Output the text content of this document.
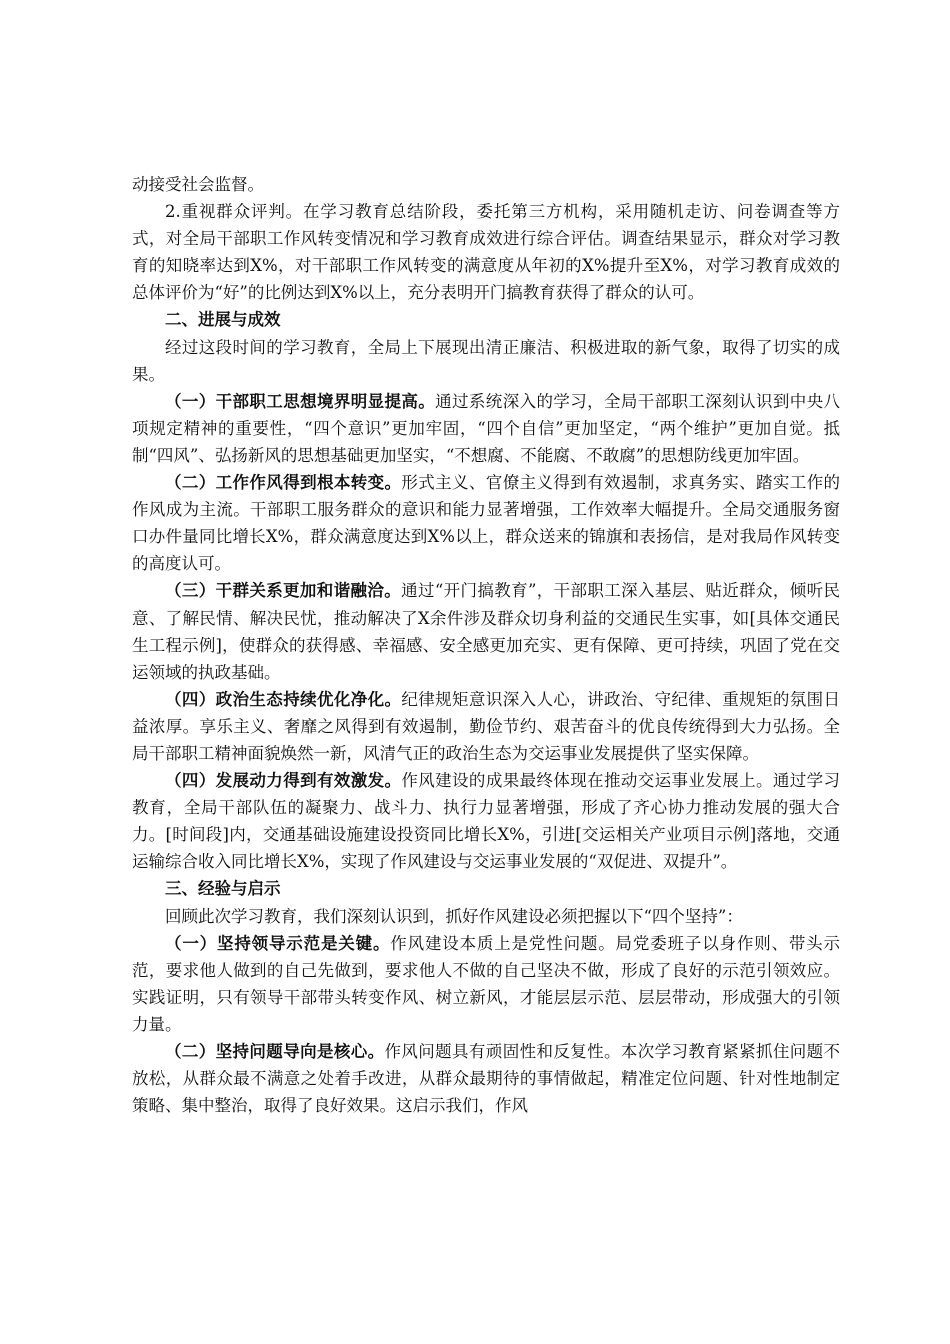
动接受社会监督。

2.重视群众评判。在学习教育总结阶段，委托第三方机构，采用随机走访、问卷调查等方式，对全局干部职工作风转变情况和学习教育成效进行综合评估。调查结果显示，群众对学习教育的知晓率达到X%，对干部职工作风转变的满意度从年初的X%提升至X%，对学习教育成效的总体评价为“好”的比例达到X%以上，充分表明开门搞教育获得了群众的认可。

二、进展与成效

经过这段时间的学习教育，全局上下展现出清正廉洁、积极进取的新气象，取得了切实的成果。

（一）干部职工思想境界明显提高。通过系统深入的学习，全局干部职工深刻认识到中央八项规定精神的重要性，“四个意识”更加牢固，“四个自信”更加坚定，“两个维护”更加自觉。抵制“四风”、弘扬新风的思想基础更加坚实，“不想腐、不能腐、不敢腐”的思想防线更加牢固。

（二）工作作风得到根本转变。形式主义、官僚主义得到有效遏制，求真务实、踏实工作的作风成为主流。干部职工服务群众的意识和能力显著增强，工作效率大幅提升。全局交通服务窗口办件量同比增长X%，群众满意度达到X%以上，群众送来的锦旗和表扬信，是对我局作风转变的高度认可。

（三）干群关系更加和谐融洽。通过“开门搞教育”，干部职工深入基层、贴近群众，倾听民意、了解民情、解决民忧，推动解决了X余件涉及群众切身利益的交通民生实事，如[具体交通民生工程示例]，使群众的获得感、幸福感、安全感更加充实、更有保障、更可持续，巩固了党在交运领域的执政基础。

（四）政治生态持续优化净化。纪律规矩意识深入人心，讲政治、守纪律、重规矩的氛围日益浓厚。享乐主义、奢靡之风得到有效遏制，勤俭节约、艰苦奋斗的优良传统得到大力弘扬。全局干部职工精神面貌焕然一新，风清气正的政治生态为交运事业发展提供了坚实保障。

（四）发展动力得到有效激发。作风建设的成果最终体现在推动交运事业发展上。通过学习教育，全局干部队伍的凝聚力、战斗力、执行力显著增强，形成了齐心协力推动发展的强大合力。[时间段]内，交通基础设施建设投资同比增长X%，引进[交运相关产业项目示例]落地，交通运输综合收入同比增长X%，实现了作风建设与交运事业发展的“双促进、双提升”。

三、经验与启示

回顾此次学习教育，我们深刻认识到，抓好作风建设必须把握以下“四个坚持”：

（一）坚持领导示范是关键。作风建设本质上是党性问题。局党委班子以身作则、带头示范，要求他人做到的自己先做到，要求他人不做的自己坚决不做，形成了良好的示范引领效应。实践证明，只有领导干部带头转变作风、树立新风，才能层层示范、层层带动，形成强大的引领力量。

（二）坚持问题导向是核心。作风问题具有顽固性和反复性。本次学习教育紧紧抓住问题不放松，从群众最不满意之处着手改进，从群众最期待的事情做起，精准定位问题、针对性地制定策略、集中整治，取得了良好效果。这启示我们，作风
